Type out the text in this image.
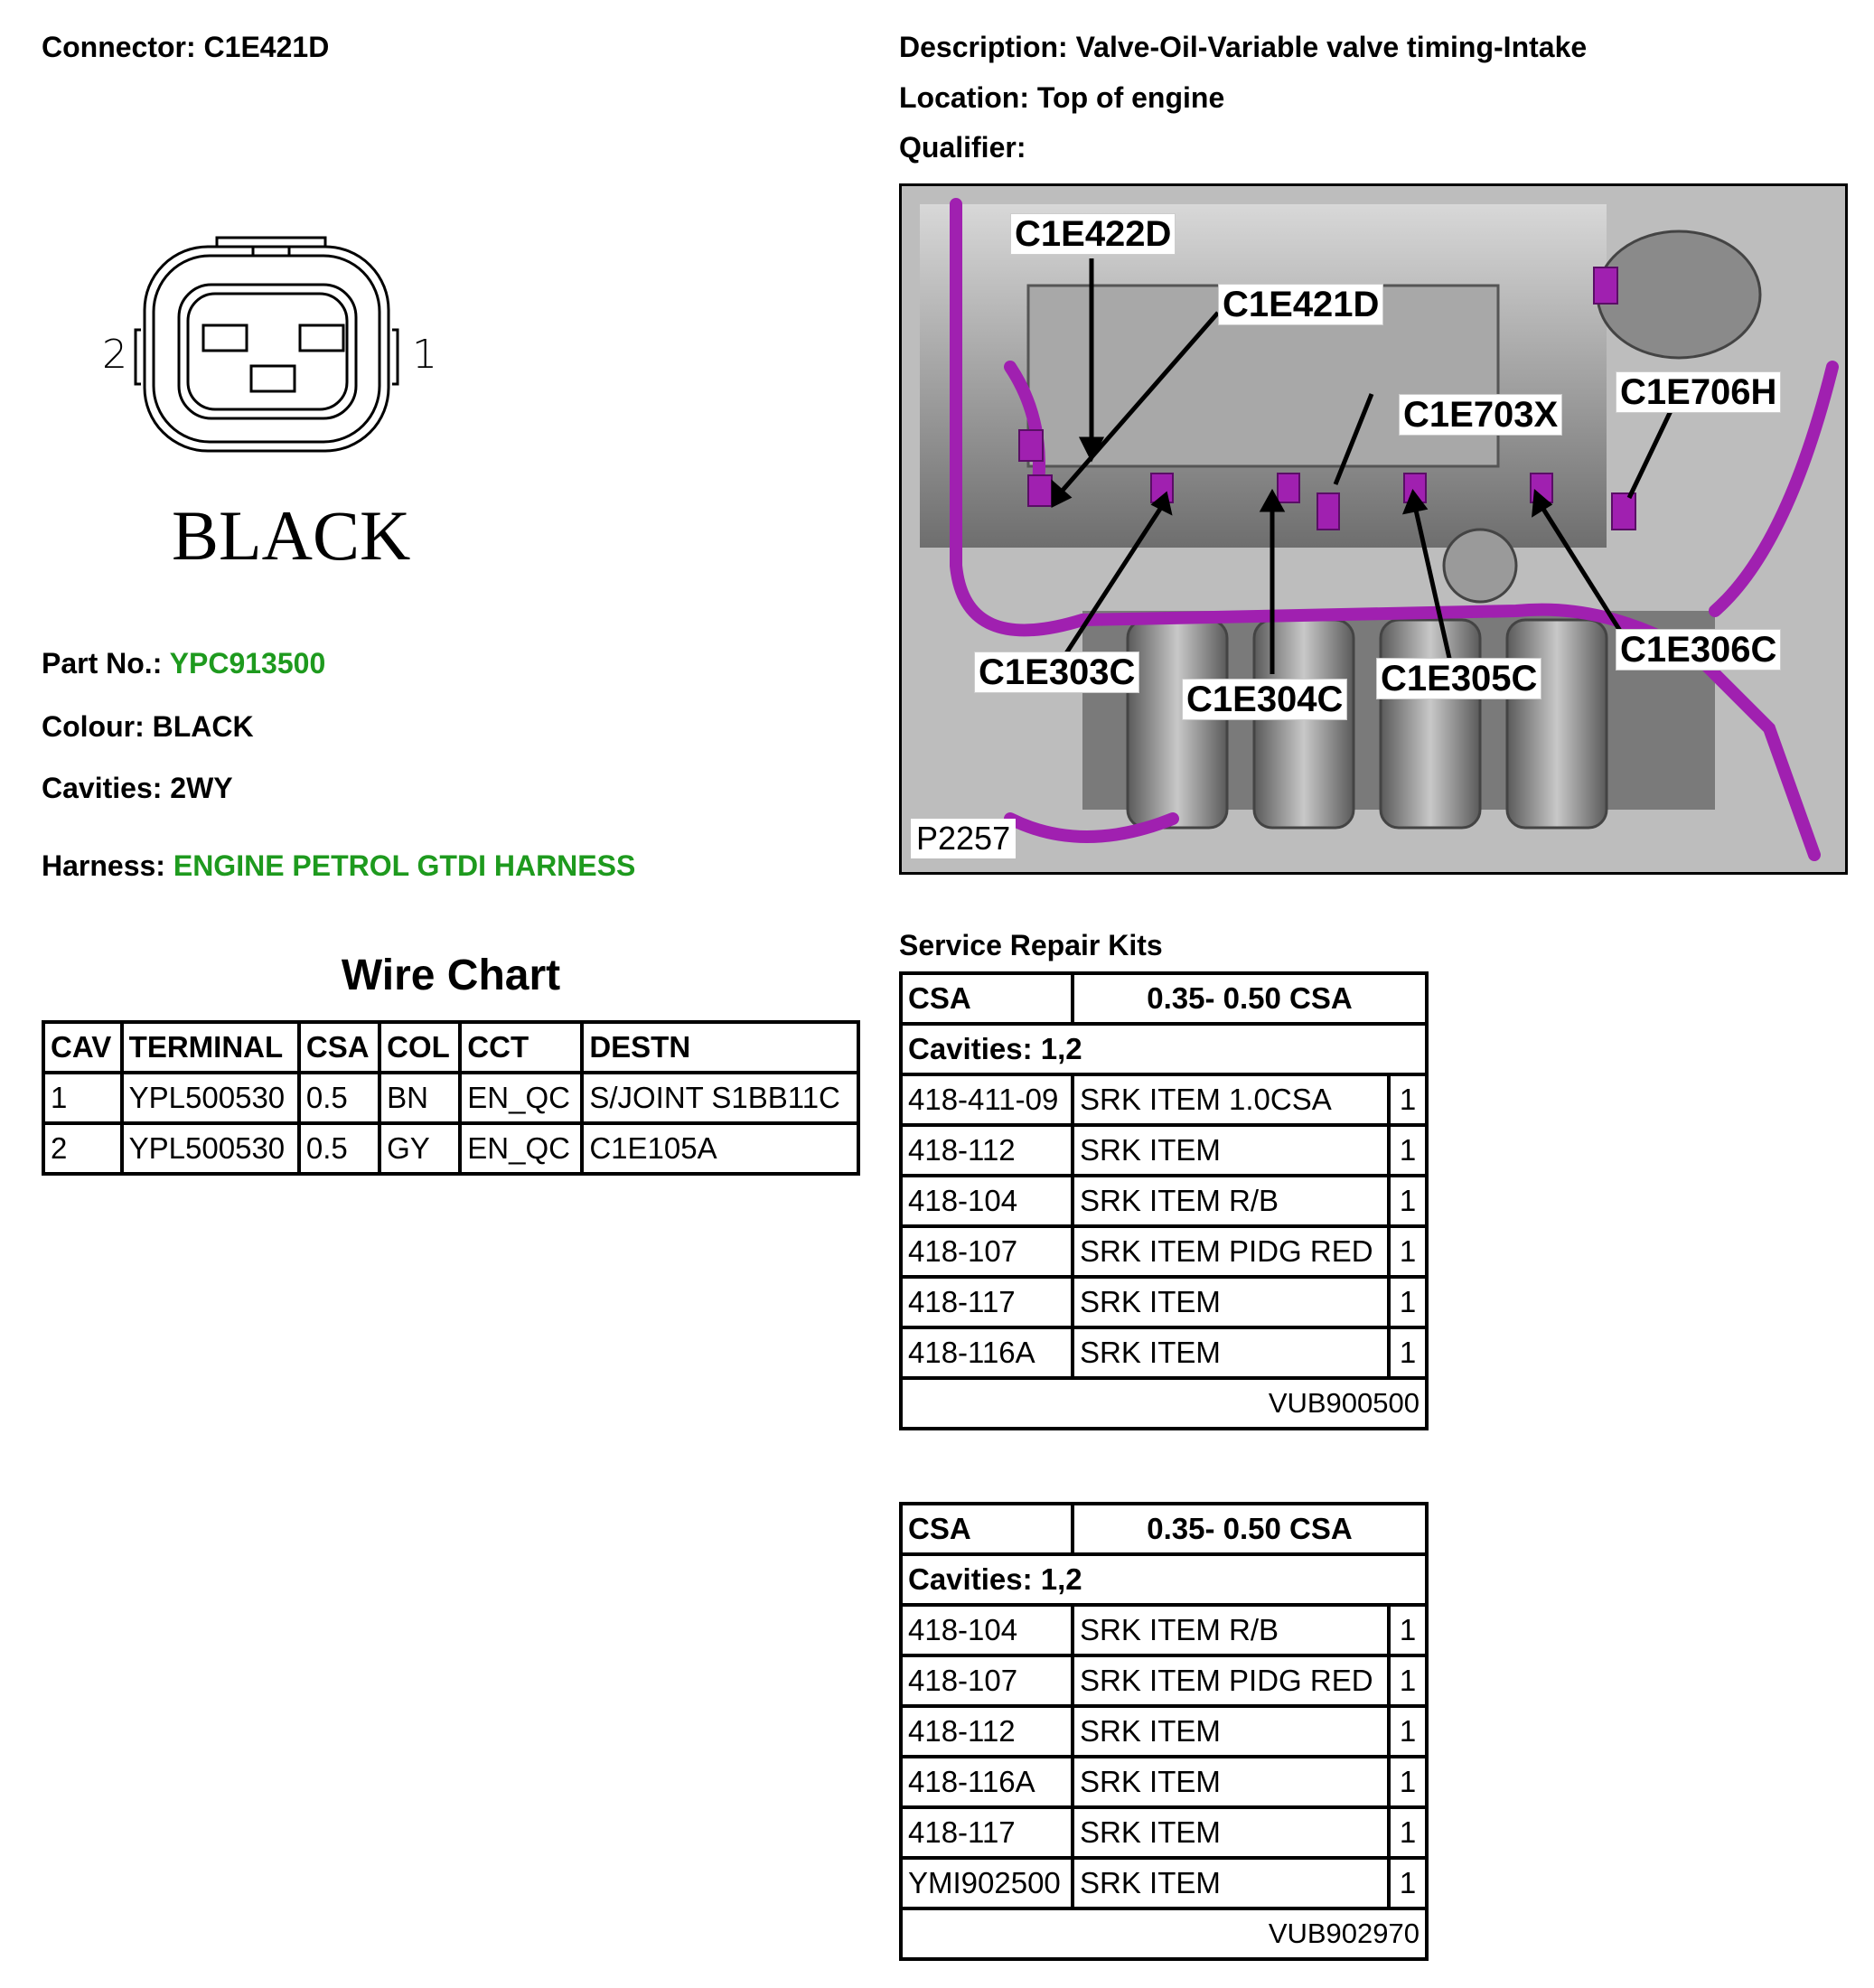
Connector: C1E421D	Description: Valve-Oil-Variable valve timing-Intake
Location: Top of engine
Qualifier:
2	1
BLACK
Part No.: YPC913500
Colour: BLACK
Cavities: 2WY
Harness: ENGINE PETROL GTDI HARNESS
Wire Chart
CAV	TERMINAL	CSA	COL	CCT	DESTN
1	YPL500530	0.5	BN	EN_QC	S/JOINT S1BB11C
2	YPL500530	0.5	GY	EN_QC	C1E105A
C1E422D
C1E421D
C1E703X
C1E706H
C1E303C
C1E304C
C1E305C
C1E306C
P2257
Service Repair Kits
CSA	0.35- 0.50 CSA	
Cavities: 1,2		
418-411-09	SRK ITEM 1.0CSA	1
418-112	SRK ITEM	1
418-104	SRK ITEM R/B	1
418-107	SRK ITEM PIDG RED	1
418-117	SRK ITEM	1
418-116A	SRK ITEM	1
VUB900500		
CSA	0.35- 0.50 CSA	
Cavities: 1,2		
418-104	SRK ITEM R/B	1
418-107	SRK ITEM PIDG RED	1
418-112	SRK ITEM	1
418-116A	SRK ITEM	1
418-117	SRK ITEM	1
YMI902500	SRK ITEM	1
VUB902970		
